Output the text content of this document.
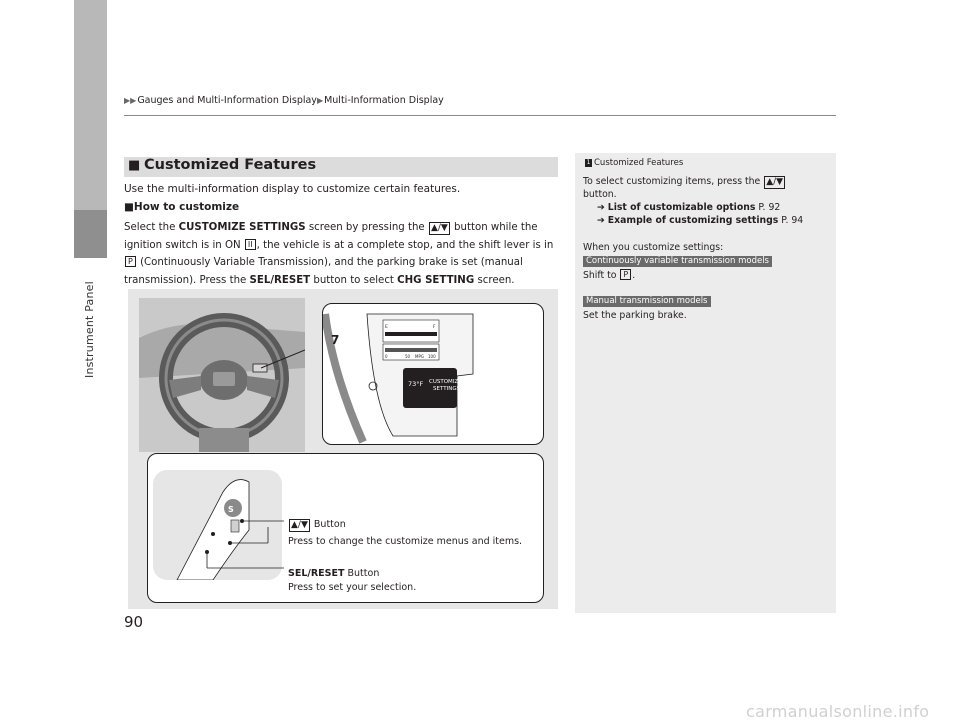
Instrument Panel
▶▶Gauges and Multi-Information Display▶Multi-Information Display
■ Customized Features
Use the multi-information display to customize certain features.
■How to customize
Select the CUSTOMIZE SETTINGS screen by pressing the ▲/▼ button while the ignition switch is in ON II , the vehicle is at a complete stop, and the shift lever is in P (Continuously Variable Transmission), and the parking brake is set (manual transmission). Press the SEL/RESET button to select CHG SETTING screen.
7
73°F CUSTOMIZE
SETTINGS
E	F
0	50 MPG 100
S
▲/▼ Button
Press to change the customize menus and items.
SEL/RESET Button
Press to set your selection.
1 Customized Features
To select customizing items, press the ▲/▼
button.
➔ List of customizable options P. 92
➔ Example of customizing settings P. 94
When you customize settings:
Continuously variable transmission models
Shift to P .
Manual transmission models
Set the parking brake.
90
carmanualsonline.info
